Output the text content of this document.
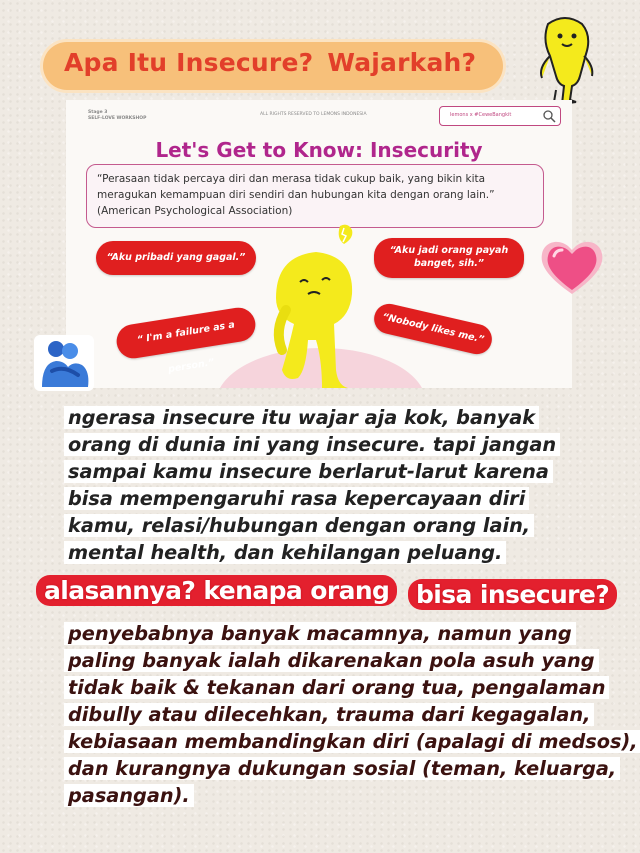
Apa Itu Insecure? Wajarkah?
Stage 3
SELF-LOVE WORKSHOP
ALL RIGHTS RESERVED TO LEMONS INDONESIA	lemons x #CeweBangkit
Let's Get to Know: Insecurity
“Perasaan tidak percaya diri dan merasa tidak cukup baik, yang bikin kita meragukan kemampuan diri sendiri dan hubungan kita dengan orang lain.” (American Psychological Association)
“Aku pribadi yang gagal.”
“Aku jadi orang payah banget, sih.”
“ I'm a failure as a person.”
“Nobody likes me.”
ngerasa insecure itu wajar aja kok, banyak
orang di dunia ini yang insecure. tapi jangan
sampai kamu insecure berlarut-larut karena
bisa mempengaruhi rasa kepercayaan diri
kamu, relasi/hubungan dengan orang lain,
mental health, dan kehilangan peluang.
alasannya? kenapa orang	bisa insecure?
penyebabnya banyak macamnya, namun yang
paling banyak ialah dikarenakan pola asuh yang
tidak baik & tekanan dari orang tua, pengalaman
dibully atau dilecehkan, trauma dari kegagalan,
kebiasaan membandingkan diri (apalagi di medsos),
dan kurangnya dukungan sosial (teman, keluarga,
pasangan).
